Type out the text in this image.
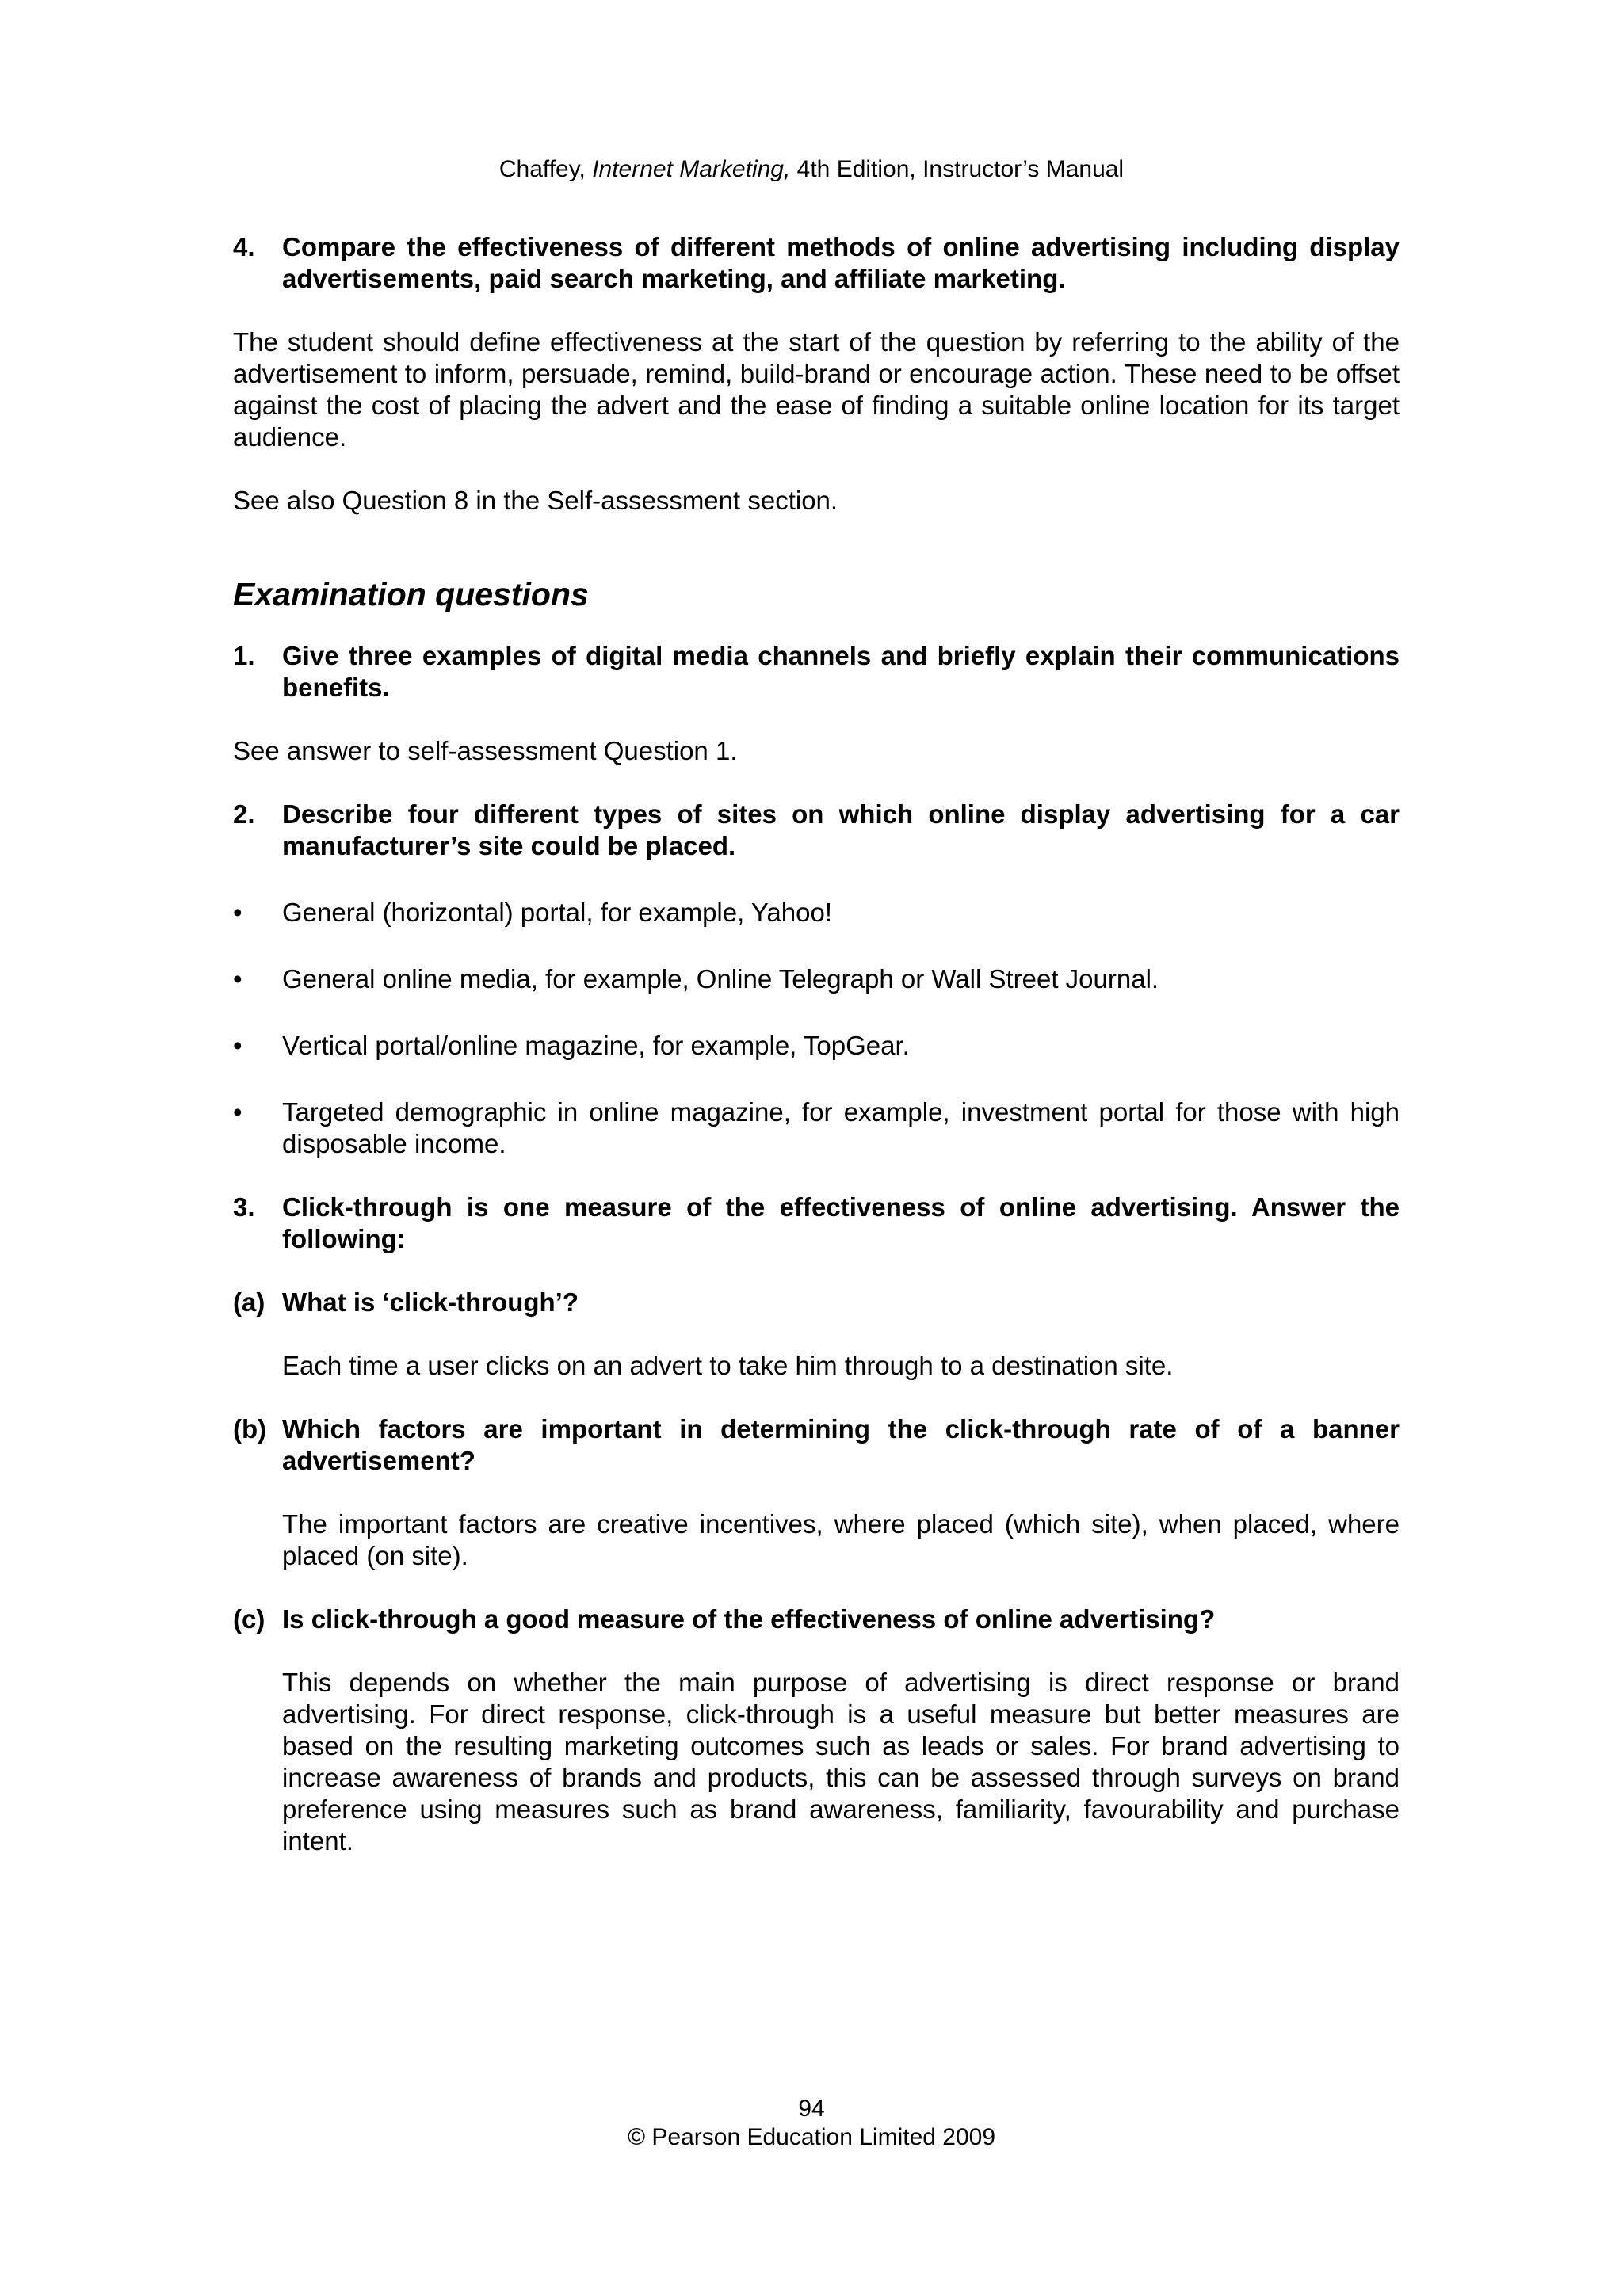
Chaffey, Internet Marketing, 4th Edition, Instructor’s Manual
4.	Compare the effectiveness of different methods of online advertising including display advertisements, paid search marketing, and affiliate marketing.

The student should define effectiveness at the start of the question by referring to the ability of the advertisement to inform, persuade, remind, build-brand or encourage action. These need to be offset against the cost of placing the advert and the ease of finding a suitable online location for its target audience.

See also Question 8 in the Self-assessment section.

Examination questions
1.	Give three examples of digital media channels and briefly explain their communications benefits.

See answer to self-assessment Question 1.

2.	Describe four different types of sites on which online display advertising for a car manufacturer’s site could be placed.
•	General (horizontal) portal, for example, Yahoo!
•	General online media, for example, Online Telegraph or Wall Street Journal.
•	Vertical portal/online magazine, for example, TopGear.
•	Targeted demographic in online magazine, for example, investment portal for those with high disposable income.
3.	Click-through is one measure of the effectiveness of online advertising. Answer the following:
(a) What is ‘click-through’?
Each time a user clicks on an advert to take him through to a destination site.
(b) Which factors are important in determining the click-through rate of of a banner advertisement?
The important factors are creative incentives, where placed (which site), when placed, where placed (on site).
(c) Is click-through a good measure of the effectiveness of online advertising?
This depends on whether the main purpose of advertising is direct response or brand advertising. For direct response, click-through is a useful measure but better measures are based on the resulting marketing outcomes such as leads or sales. For brand advertising to increase awareness of brands and products, this can be assessed through surveys on brand preference using measures such as brand awareness, familiarity, favourability and purchase intent.
94
© Pearson Education Limited 2009
